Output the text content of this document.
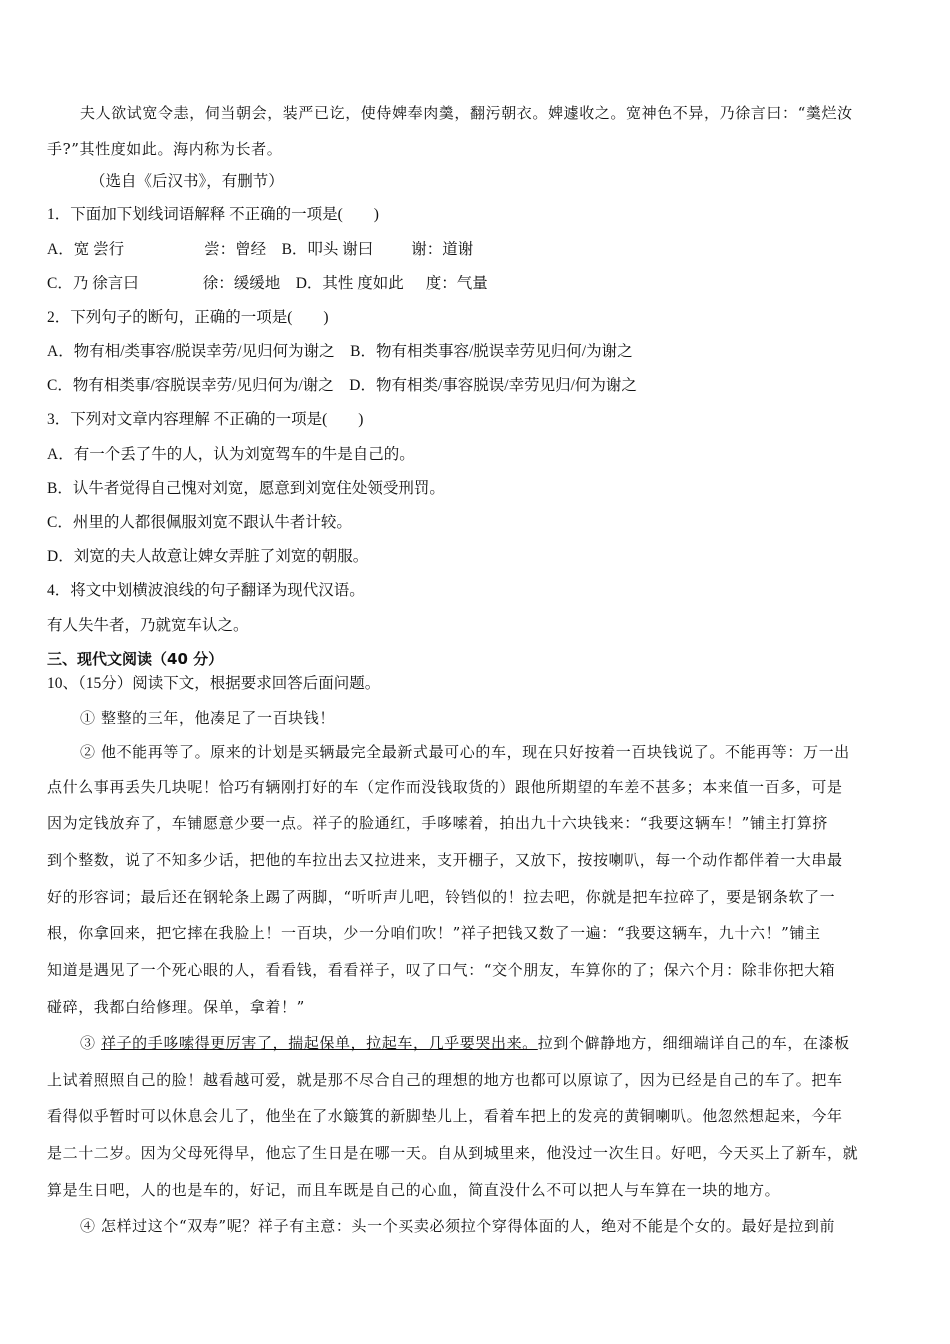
夫人欲试宽令恚，伺当朝会，装严已讫，使侍婢奉肉羹，翻污朝衣。婢遽收之。宽神色不异，乃徐言曰：“羹烂汝
手?”其性度如此。海内称为长者。
（选自《后汉书》，有删节）
1．下面加下划线词语解释 不正确的一项是(　　)
A．宽 尝行	尝：曾经　B．叩头 谢曰 谢：道谢
C．乃 徐言曰	徐：缓缓地　D．其性 度如此 度：气量
2．下列句子的断句，正确的一项是(　　)
A．物有相/类事容/脱误幸劳/见归何为谢之　B．物有相类事容/脱误幸劳见归何/为谢之
C．物有相类事/容脱误幸劳/见归何为/谢之　D．物有相类/事容脱误/幸劳见归/何为谢之
3．下列对文章内容理解 不正确的一项是(　　)
A．有一个丢了牛的人，认为刘宽驾车的牛是自己的。
B．认牛者觉得自己愧对刘宽，愿意到刘宽住处领受刑罚。
C．州里的人都很佩服刘宽不跟认牛者计较。
D．刘宽的夫人故意让婢女弄脏了刘宽的朝服。
4．将文中划横波浪线的句子翻译为现代汉语。
有人失牛者，乃就宽车认之。
三、现代文阅读（40 分）
10、（15分）阅读下文，根据要求回答后面问题。
① 整整的三年，他凑足了一百块钱！
② 他不能再等了。原来的计划是买辆最完全最新式最可心的车，现在只好按着一百块钱说了。不能再等：万一出
点什么事再丢失几块呢！恰巧有辆刚打好的车（定作而没钱取货的）跟他所期望的车差不甚多；本来值一百多，可是
因为定钱放弃了，车铺愿意少要一点。祥子的脸通红，手哆嗦着，拍出九十六块钱来：“我要这辆车！”铺主打算挤
到个整数，说了不知多少话，把他的车拉出去又拉进来，支开棚子，又放下，按按喇叭，每一个动作都伴着一大串最
好的形容词；最后还在钢轮条上踢了两脚，“听听声儿吧，铃铛似的！拉去吧，你就是把车拉碎了，要是钢条软了一
根，你拿回来，把它摔在我脸上！一百块，少一分咱们吹！”祥子把钱又数了一遍：“我要这辆车，九十六！”铺主
知道是遇见了一个死心眼的人，看看钱，看看祥子，叹了口气：“交个朋友，车算你的了；保六个月：除非你把大箱
碰碎，我都白给修理。保单，拿着！”
③ 祥子的手哆嗦得更厉害了，揣起保单，拉起车，几乎要哭出来。拉到个僻静地方，细细端详自己的车，在漆板
上试着照照自己的脸！越看越可爱，就是那不尽合自己的理想的地方也都可以原谅了，因为已经是自己的车了。把车
看得似乎暂时可以休息会儿了，他坐在了水簸箕的新脚垫儿上，看着车把上的发亮的黄铜喇叭。他忽然想起来，今年
是二十二岁。因为父母死得早，他忘了生日是在哪一天。自从到城里来，他没过一次生日。好吧，今天买上了新车，就
算是生日吧，人的也是车的，好记，而且车既是自己的心血，简直没什么不可以把人与车算在一块的地方。
④ 怎样过这个“双寿”呢？祥子有主意：头一个买卖必须拉个穿得体面的人，绝对不能是个女的。最好是拉到前
